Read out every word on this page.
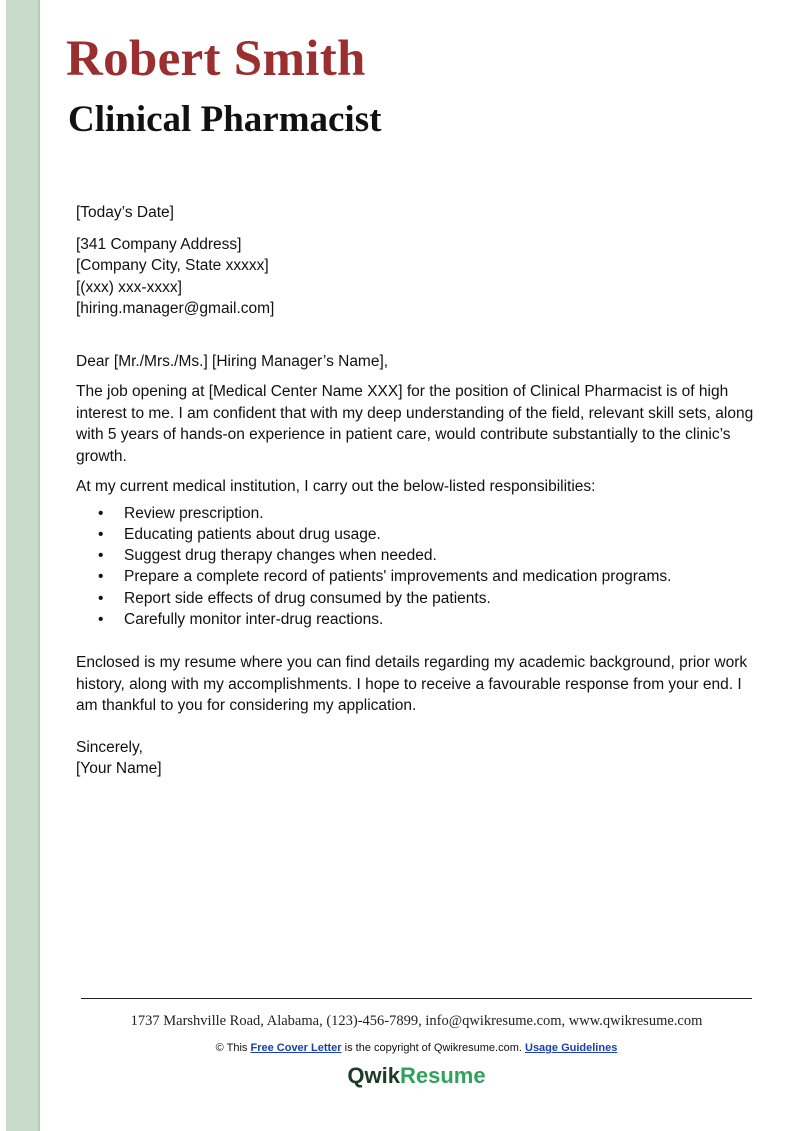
Robert Smith
Clinical Pharmacist

[Today’s Date]

[341 Company Address]

[Company City, State xxxxx]

[(xxx) xxx-xxxx]

[hiring.manager@gmail.com]

Dear [Mr./Mrs./Ms.] [Hiring Manager’s Name],

The job opening at [Medical Center Name XXX] for the position of Clinical Pharmacist is of high interest to me. I am confident that with my deep understanding of the field, relevant skill sets, along with 5 years of hands-on experience in patient care, would contribute substantially to the clinic’s growth.

At my current medical institution, I carry out the below-listed responsibilities:

• Review prescription.
• Educating patients about drug usage.
• Suggest drug therapy changes when needed.
• Prepare a complete record of patients' improvements and medication programs.
• Report side effects of drug consumed by the patients.
• Carefully monitor inter-drug reactions.

Enclosed is my resume where you can find details regarding my academic background, prior work history, along with my accomplishments. I hope to receive a favourable response from your end. I am thankful to you for considering my application.

Sincerely,

[Your Name]

1737 Marshville Road, Alabama, (123)-456-7899, info@qwikresume.com, www.qwikresume.com
© This Free Cover Letter is the copyright of Qwikresume.com. Usage Guidelines
QwikResume
